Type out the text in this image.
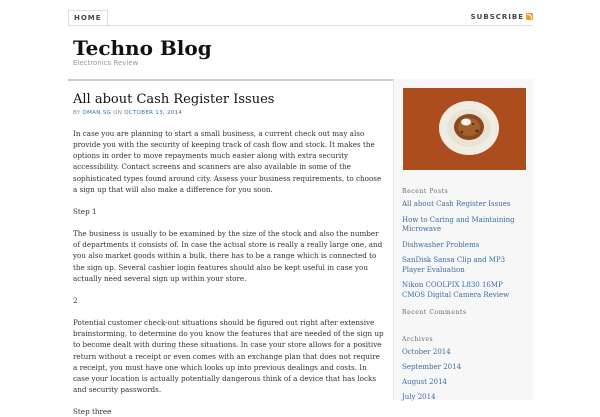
HOME	SUBSCRIBE
Techno Blog
Electronics Review
All about Cash Register Issues
BY OMAN SG ON OCTOBER 13, 2014

In case you are planning to start a small business, a current check out may also provide you with the security of keeping track of cash flow and stock. It makes the options in order to move repayments much easier along with extra security accessibility. Contact screens and scanners are also available in some of the sophisticated types found around city. Assess your business requirements, to choose a sign up that will also make a difference for you soon.

Step 1

The business is usually to be examined by the size of the stock and also the number of departments it consists of. In case the actual store is really a really large one, and you also market goods within a bulk, there has to be a range which is connected to the sign up. Several cashier login features should also be kept useful in case you actually need several sign up within your store.

2

Potential customer check-out situations should be figured out right after extensive brainstorming, to determine do you know the features that are needed of the sign up to become dealt with during these situations. In case your store allows for a positive return without a receipt or even comes with an exchange plan that does not require a receipt, you must have one which looks up into previous dealings and costs. In case your location is actually potentially dangerous think of a device that has locks and security passwords.

Step three

Recent Posts
All about Cash Register Issues
How to Caring and Maintaining Microwave
Dishwasher Problems
SanDisk Sansa Clip and MP3 Player Evaluation
Nikon COOLPIX L830 16MP CMOS Digital Camera Review
Recent Comments
Archives
October 2014
September 2014
August 2014
July 2014
